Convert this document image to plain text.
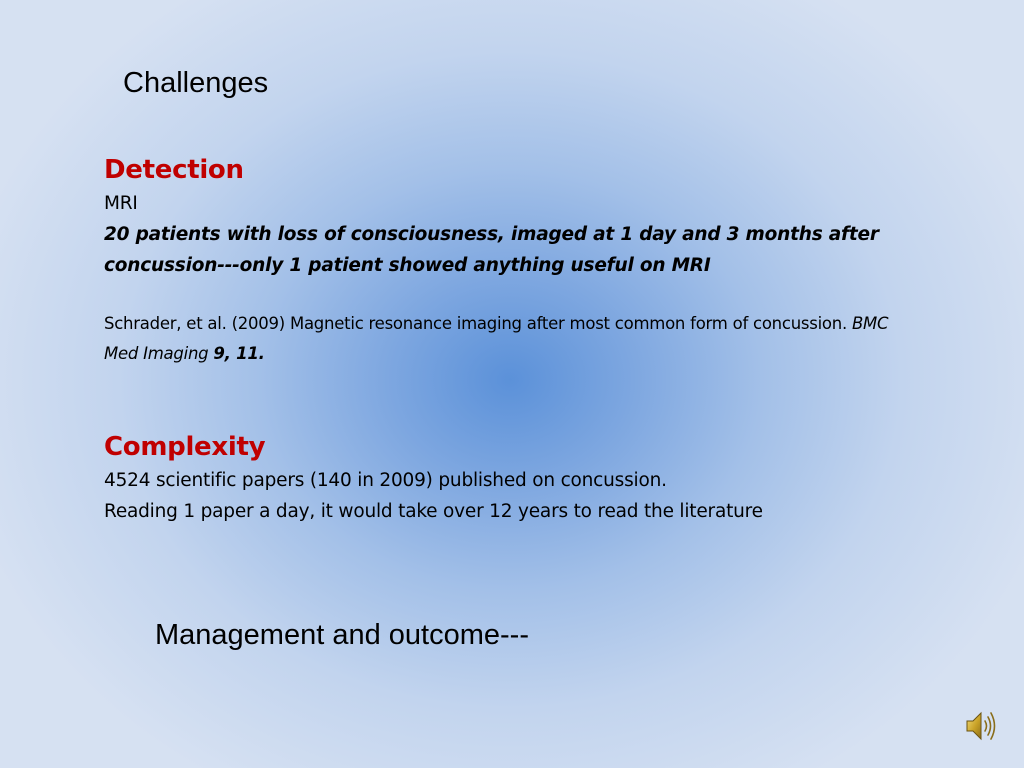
Challenges
Detection
MRI
20 patients with loss of consciousness, imaged at 1 day and 3 months after
concussion---only 1 patient showed anything useful on MRI
Schrader, et al. (2009) Magnetic resonance imaging after most common form of concussion. BMC
Med Imaging 9, 11.
Complexity
4524 scientific papers (140 in 2009) published on concussion.
Reading 1 paper a day, it would take over 12 years to read the literature
Management and outcome---
